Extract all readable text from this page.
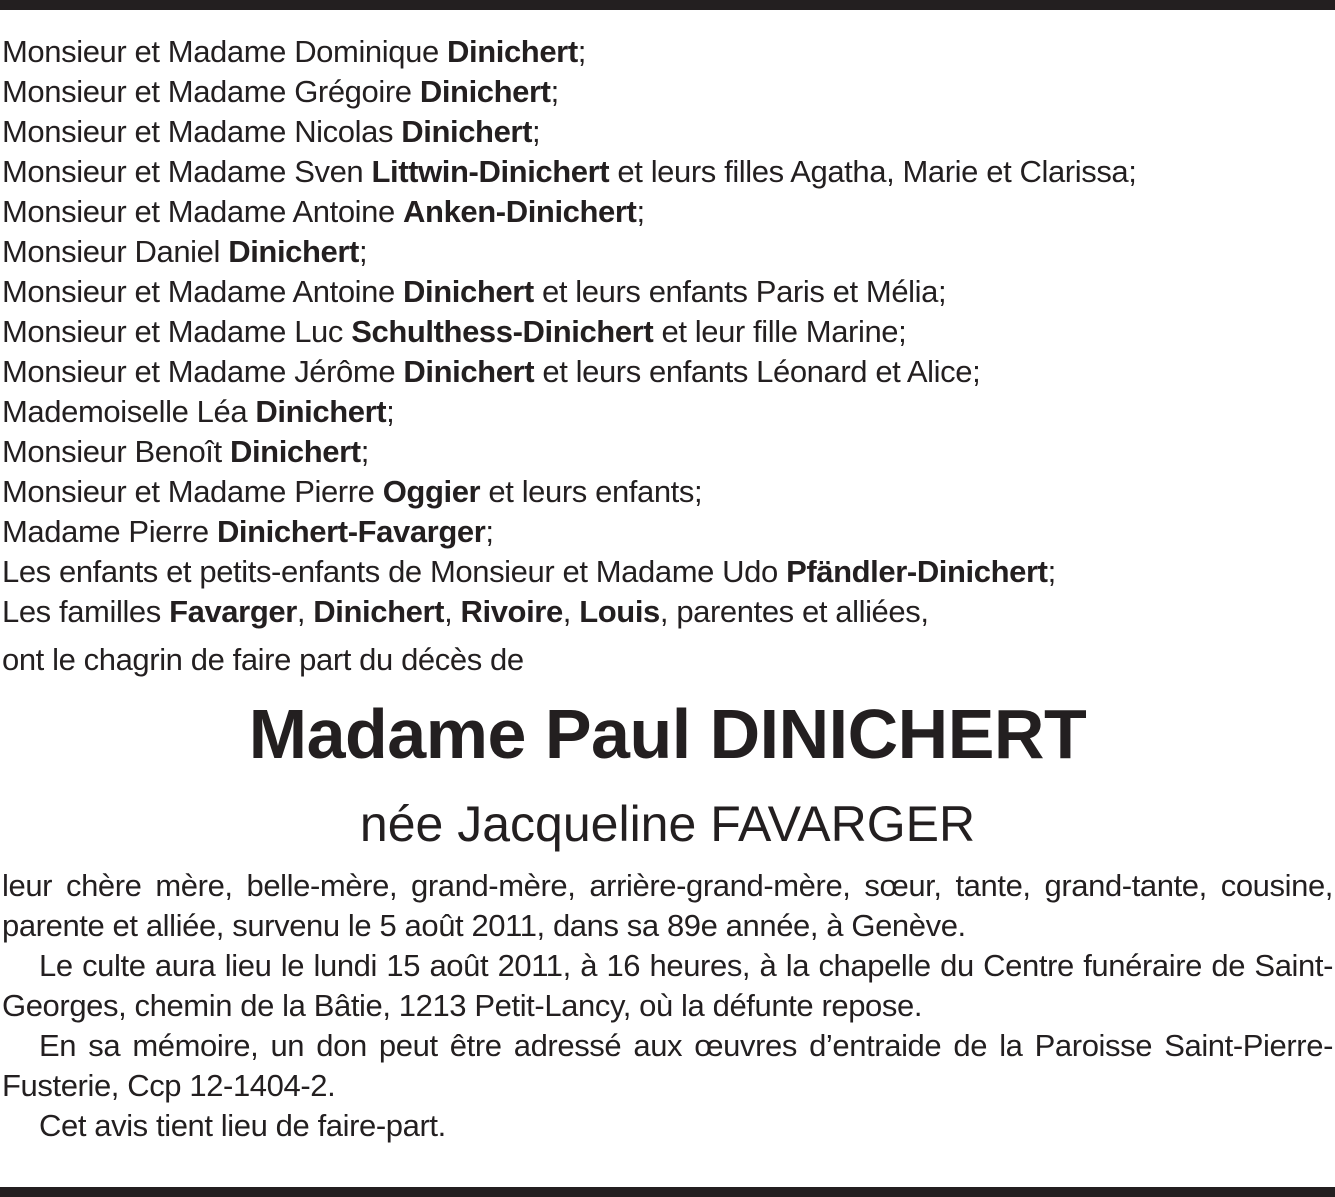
Monsieur et Madame Dominique Dinichert;
Monsieur et Madame Grégoire Dinichert;
Monsieur et Madame Nicolas Dinichert;
Monsieur et Madame Sven Littwin-Dinichert et leurs filles Agatha, Marie et Clarissa;
Monsieur et Madame Antoine Anken-Dinichert;
Monsieur Daniel Dinichert;
Monsieur et Madame Antoine Dinichert et leurs enfants Paris et Mélia;
Monsieur et Madame Luc Schulthess-Dinichert et leur fille Marine;
Monsieur et Madame Jérôme Dinichert et leurs enfants Léonard et Alice;
Mademoiselle Léa Dinichert;
Monsieur Benoît Dinichert;
Monsieur et Madame Pierre Oggier et leurs enfants;
Madame Pierre Dinichert-Favarger;
Les enfants et petits-enfants de Monsieur et Madame Udo Pfändler-Dinichert;
Les familles Favarger, Dinichert, Rivoire, Louis, parentes et alliées,
ont le chagrin de faire part du décès de
Madame Paul DINICHERT
née Jacqueline FAVARGER

leur chère mère, belle-mère, grand-mère, arrière-grand-mère, sœur, tante, grand-tante, cousine, parente et alliée, survenu le 5 août 2011, dans sa 89e année, à Genève.

Le culte aura lieu le lundi 15 août 2011, à 16 heures, à la chapelle du Centre funéraire de Saint-Georges, chemin de la Bâtie, 1213 Petit-Lancy, où la défunte repose.

En sa mémoire, un don peut être adressé aux œuvres d’entraide de la Paroisse Saint-Pierre-Fusterie, Ccp 12-1404-2.

Cet avis tient lieu de faire-part.
